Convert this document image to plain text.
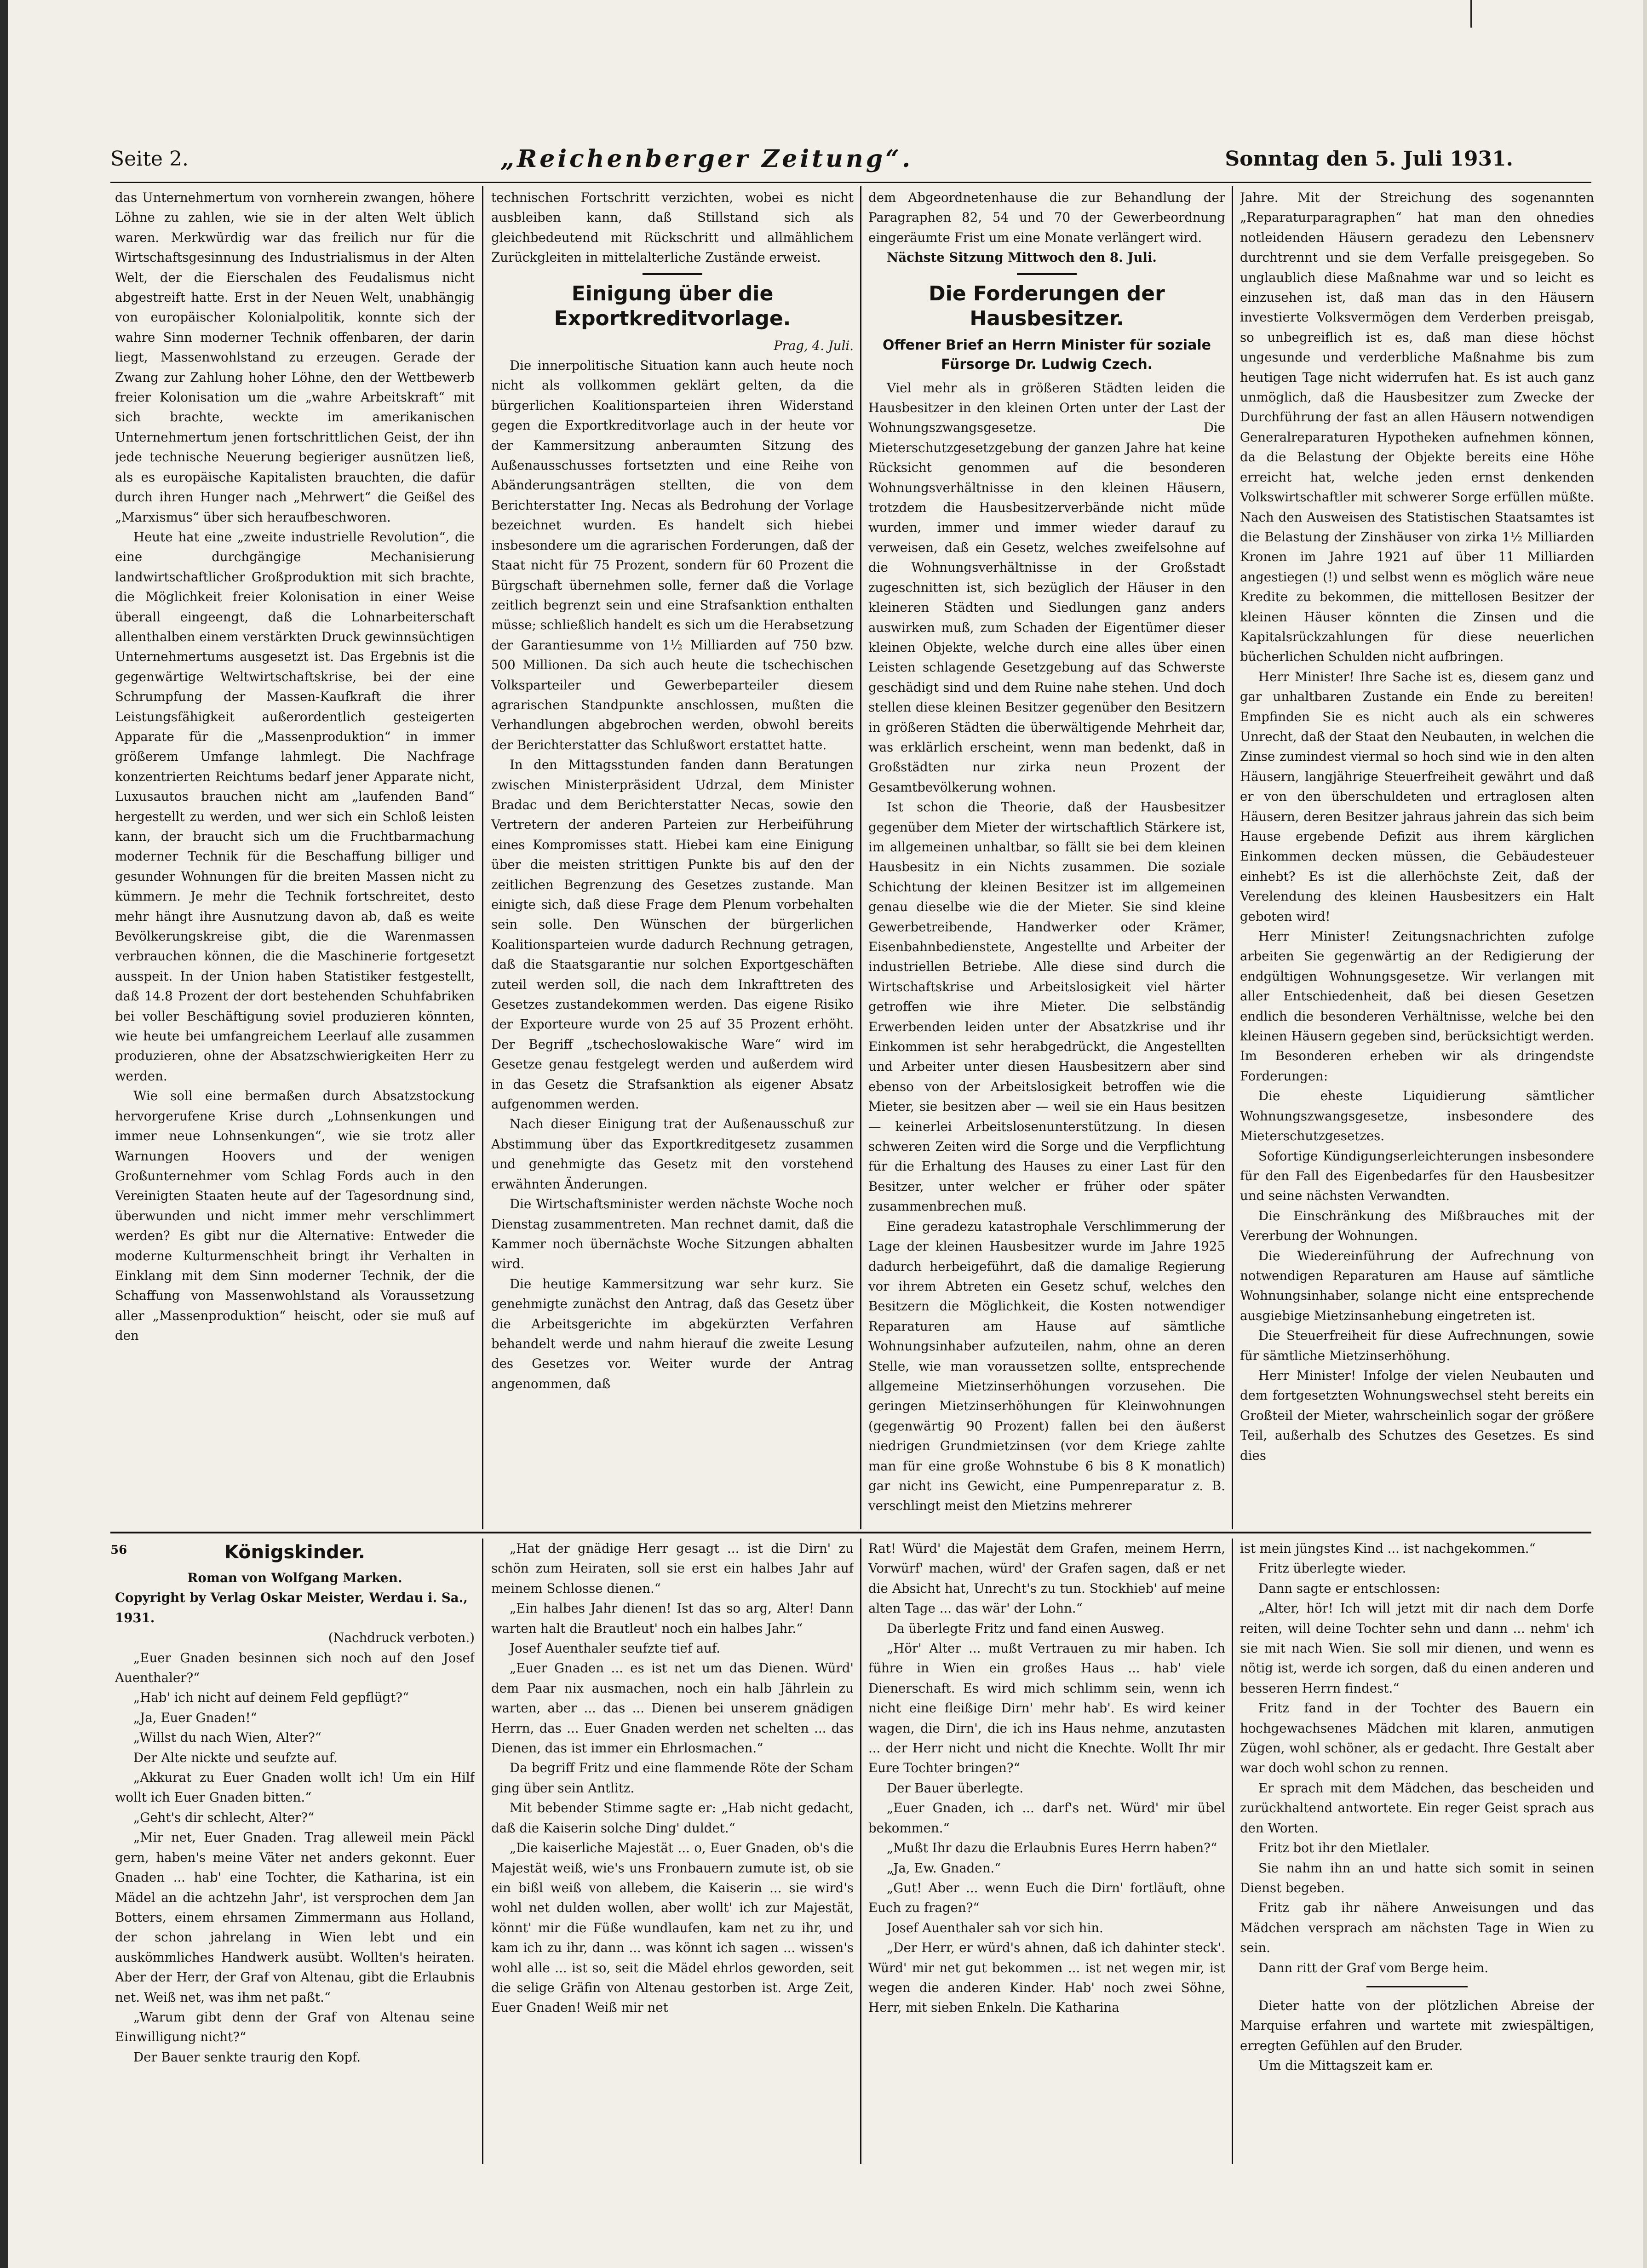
Seite 2.	„Reichenberger Zeitung“.	Sonntag den 5. Juli 1931.

das Unternehmertum von vornherein zwangen, höhere Löhne zu zahlen, wie sie in der alten Welt üblich waren. Merkwürdig war das freilich nur für die Wirtschaftsgesinnung des Industrialismus in der Alten Welt, der die Eierschalen des Feudalismus nicht abgestreift hatte. Erst in der Neuen Welt, unabhängig von europäischer Kolonialpolitik, konnte sich der wahre Sinn moderner Technik offenbaren, der darin liegt, Massenwohlstand zu erzeugen. Gerade der Zwang zur Zahlung hoher Löhne, den der Wettbewerb freier Kolonisation um die „wahre Arbeitskraft“ mit sich brachte, weckte im amerikanischen Unternehmertum jenen fortschrittlichen Geist, der ihn jede technische Neuerung begieriger ausnützen ließ, als es europäische Kapitalisten brauchten, die dafür durch ihren Hunger nach „Mehrwert“ die Geißel des „Marxismus“ über sich heraufbeschworen.

Heute hat eine „zweite industrielle Revolution“, die eine durchgängige Mechanisierung landwirtschaftlicher Großproduktion mit sich brachte, die Möglichkeit freier Kolonisation in einer Weise überall eingeengt, daß die Lohnarbeiterschaft allenthalben einem verstärkten Druck gewinnsüchtigen Unternehmertums ausgesetzt ist. Das Ergebnis ist die gegenwärtige Weltwirtschaftskrise, bei der eine Schrumpfung der Massen-Kaufkraft die ihrer Leistungsfähigkeit außerordentlich gesteigerten Apparate für die „Massenproduktion“ in immer größerem Umfange lahmlegt. Die Nachfrage konzentrierten Reichtums bedarf jener Apparate nicht, Luxusautos brauchen nicht am „laufenden Band“ hergestellt zu werden, und wer sich ein Schloß leisten kann, der braucht sich um die Fruchtbarmachung moderner Technik für die Beschaffung billiger und gesunder Wohnungen für die breiten Massen nicht zu kümmern. Je mehr die Technik fortschreitet, desto mehr hängt ihre Ausnutzung davon ab, daß es weite Bevölkerungskreise gibt, die die Warenmassen verbrauchen können, die die Maschinerie fortgesetzt ausspeit. In der Union haben Statistiker festgestellt, daß 14.8 Prozent der dort bestehenden Schuhfabriken bei voller Beschäftigung soviel produzieren könnten, wie heute bei umfangreichem Leerlauf alle zusammen produzieren, ohne der Absatzschwierigkeiten Herr zu werden.

Wie soll eine bermaßen durch Absatzstockung hervorgerufene Krise durch „Lohnsenkungen und immer neue Lohnsenkungen“, wie sie trotz aller Warnungen Hoovers und der wenigen Großunternehmer vom Schlag Fords auch in den Vereinigten Staaten heute auf der Tagesordnung sind, überwunden und nicht immer mehr verschlimmert werden? Es gibt nur die Alternative: Entweder die moderne Kulturmenschheit bringt ihr Verhalten in Einklang mit dem Sinn moderner Technik, der die Schaffung von Massenwohlstand als Voraussetzung aller „Massenproduktion“ heischt, oder sie muß auf den

technischen Fortschritt verzichten, wobei es nicht ausbleiben kann, daß Stillstand sich als gleichbedeutend mit Rückschritt und allmählichem Zurückgleiten in mittelalterliche Zustände erweist.

Einigung über die Exportkreditvorlage.

Prag, 4. Juli.

Die innerpolitische Situation kann auch heute noch nicht als vollkommen geklärt gelten, da die bürgerlichen Koalitionsparteien ihren Widerstand gegen die Exportkreditvorlage auch in der heute vor der Kammersitzung anberaumten Sitzung des Außenausschusses fortsetzten und eine Reihe von Abänderungsanträgen stellten, die von dem Berichterstatter Ing. Necas als Bedrohung der Vorlage bezeichnet wurden. Es handelt sich hiebei insbesondere um die agrarischen Forderungen, daß der Staat nicht für 75 Prozent, sondern für 60 Prozent die Bürgschaft übernehmen solle, ferner daß die Vorlage zeitlich begrenzt sein und eine Strafsanktion enthalten müsse; schließlich handelt es sich um die Herabsetzung der Garantiesumme von 1½ Milliarden auf 750 bzw. 500 Millionen. Da sich auch heute die tschechischen Volksparteiler und Gewerbeparteiler diesem agrarischen Standpunkte anschlossen, mußten die Verhandlungen abgebrochen werden, obwohl bereits der Berichterstatter das Schlußwort erstattet hatte.

In den Mittagsstunden fanden dann Beratungen zwischen Ministerpräsident Udrzal, dem Minister Bradac und dem Berichterstatter Necas, sowie den Vertretern der anderen Parteien zur Herbeiführung eines Kompromisses statt. Hiebei kam eine Einigung über die meisten strittigen Punkte bis auf den der zeitlichen Begrenzung des Gesetzes zustande. Man einigte sich, daß diese Frage dem Plenum vorbehalten sein solle. Den Wünschen der bürgerlichen Koalitionsparteien wurde dadurch Rechnung getragen, daß die Staatsgarantie nur solchen Exportgeschäften zuteil werden soll, die nach dem Inkrafttreten des Gesetzes zustandekommen werden. Das eigene Risiko der Exporteure wurde von 25 auf 35 Prozent erhöht. Der Begriff „tschechoslowakische Ware“ wird im Gesetze genau festgelegt werden und außerdem wird in das Gesetz die Strafsanktion als eigener Absatz aufgenommen werden.

Nach dieser Einigung trat der Außenausschuß zur Abstimmung über das Exportkreditgesetz zusammen und genehmigte das Gesetz mit den vorstehend erwähnten Änderungen.

Die Wirtschaftsminister werden nächste Woche noch Dienstag zusammentreten. Man rechnet damit, daß die Kammer noch übernächste Woche Sitzungen abhalten wird.

Die heutige Kammersitzung war sehr kurz. Sie genehmigte zunächst den Antrag, daß das Gesetz über die Arbeitsgerichte im abgekürzten Verfahren behandelt werde und nahm hierauf die zweite Lesung des Gesetzes vor. Weiter wurde der Antrag angenommen, daß

dem Abgeordnetenhause die zur Behandlung der Paragraphen 82, 54 und 70 der Gewerbeordnung eingeräumte Frist um eine Monate verlängert wird.

Nächste Sitzung Mittwoch den 8. Juli.

Die Forderungen der Hausbesitzer.
Offener Brief an Herrn Minister für soziale Fürsorge Dr. Ludwig Czech.

Viel mehr als in größeren Städten leiden die Hausbesitzer in den kleinen Orten unter der Last der Wohnungszwangsgesetze. Die Mieterschutzgesetzgebung der ganzen Jahre hat keine Rücksicht genommen auf die besonderen Wohnungsverhältnisse in den kleinen Häusern, trotzdem die Hausbesitzerverbände nicht müde wurden, immer und immer wieder darauf zu verweisen, daß ein Gesetz, welches zweifelsohne auf die Wohnungsverhältnisse in der Großstadt zugeschnitten ist, sich bezüglich der Häuser in den kleineren Städten und Siedlungen ganz anders auswirken muß, zum Schaden der Eigentümer dieser kleinen Objekte, welche durch eine alles über einen Leisten schlagende Gesetzgebung auf das Schwerste geschädigt sind und dem Ruine nahe stehen. Und doch stellen diese kleinen Besitzer gegenüber den Besitzern in größeren Städten die überwältigende Mehrheit dar, was erklärlich erscheint, wenn man bedenkt, daß in Großstädten nur zirka neun Prozent der Gesamtbevölkerung wohnen.

Ist schon die Theorie, daß der Hausbesitzer gegenüber dem Mieter der wirtschaftlich Stärkere ist, im allgemeinen unhaltbar, so fällt sie bei dem kleinen Hausbesitz in ein Nichts zusammen. Die soziale Schichtung der kleinen Besitzer ist im allgemeinen genau dieselbe wie die der Mieter. Sie sind kleine Gewerbetreibende, Handwerker oder Krämer, Eisenbahnbedienstete, Angestellte und Arbeiter der industriellen Betriebe. Alle diese sind durch die Wirtschaftskrise und Arbeitslosigkeit viel härter getroffen wie ihre Mieter. Die selbständig Erwerbenden leiden unter der Absatzkrise und ihr Einkommen ist sehr herabgedrückt, die Angestellten und Arbeiter unter diesen Hausbesitzern aber sind ebenso von der Arbeitslosigkeit betroffen wie die Mieter, sie besitzen aber — weil sie ein Haus besitzen — keinerlei Arbeitslosenunterstützung. In diesen schweren Zeiten wird die Sorge und die Verpflichtung für die Erhaltung des Hauses zu einer Last für den Besitzer, unter welcher er früher oder später zusammenbrechen muß.

Eine geradezu katastrophale Verschlimmerung der Lage der kleinen Hausbesitzer wurde im Jahre 1925 dadurch herbeigeführt, daß die damalige Regierung vor ihrem Abtreten ein Gesetz schuf, welches den Besitzern die Möglichkeit, die Kosten notwendiger Reparaturen am Hause auf sämtliche Wohnungsinhaber aufzuteilen, nahm, ohne an deren Stelle, wie man voraussetzen sollte, entsprechende allgemeine Mietzinserhöhungen vorzusehen. Die geringen Mietzinserhöhungen für Kleinwohnungen (gegenwärtig 90 Prozent) fallen bei den äußerst niedrigen Grundmietzinsen (vor dem Kriege zahlte man für eine große Wohnstube 6 bis 8 K monatlich) gar nicht ins Gewicht, eine Pumpenreparatur z. B. verschlingt meist den Mietzins mehrerer

Jahre. Mit der Streichung des sogenannten „Reparaturparagraphen“ hat man den ohnedies notleidenden Häusern geradezu den Lebensnerv durchtrennt und sie dem Verfalle preisgegeben. So unglaublich diese Maßnahme war und so leicht es einzusehen ist, daß man das in den Häusern investierte Volksvermögen dem Verderben preisgab, so unbegreiflich ist es, daß man diese höchst ungesunde und verderbliche Maßnahme bis zum heutigen Tage nicht widerrufen hat. Es ist auch ganz unmöglich, daß die Hausbesitzer zum Zwecke der Durchführung der fast an allen Häusern notwendigen Generalreparaturen Hypotheken aufnehmen können, da die Belastung der Objekte bereits eine Höhe erreicht hat, welche jeden ernst denkenden Volkswirtschaftler mit schwerer Sorge erfüllen müßte. Nach den Ausweisen des Statistischen Staatsamtes ist die Belastung der Zinshäuser von zirka 1½ Milliarden Kronen im Jahre 1921 auf über 11 Milliarden angestiegen (!) und selbst wenn es möglich wäre neue Kredite zu bekommen, die mittellosen Besitzer der kleinen Häuser könnten die Zinsen und die Kapitalsrückzahlungen für diese neuerlichen bücherlichen Schulden nicht aufbringen.

Herr Minister! Ihre Sache ist es, diesem ganz und gar unhaltbaren Zustande ein Ende zu bereiten! Empfinden Sie es nicht auch als ein schweres Unrecht, daß der Staat den Neubauten, in welchen die Zinse zumindest viermal so hoch sind wie in den alten Häusern, langjährige Steuerfreiheit gewährt und daß er von den überschuldeten und ertraglosen alten Häusern, deren Besitzer jahraus jahrein das sich beim Hause ergebende Defizit aus ihrem kärglichen Einkommen decken müssen, die Gebäudesteuer einhebt? Es ist die allerhöchste Zeit, daß der Verelendung des kleinen Hausbesitzers ein Halt geboten wird!

Herr Minister! Zeitungsnachrichten zufolge arbeiten Sie gegenwärtig an der Redigierung der endgültigen Wohnungsgesetze. Wir verlangen mit aller Entschiedenheit, daß bei diesen Gesetzen endlich die besonderen Verhältnisse, welche bei den kleinen Häusern gegeben sind, berücksichtigt werden. Im Besonderen erheben wir als dringendste Forderungen:

Die eheste Liquidierung sämtlicher Wohnungszwangsgesetze, insbesondere des Mieterschutzgesetzes.

Sofortige Kündigungserleichterungen insbesondere für den Fall des Eigenbedarfes für den Hausbesitzer und seine nächsten Verwandten.

Die Einschränkung des Mißbrauches mit der Vererbung der Wohnungen.

Die Wiedereinführung der Aufrechnung von notwendigen Reparaturen am Hause auf sämtliche Wohnungsinhaber, solange nicht eine entsprechende ausgiebige Mietzinsanhebung eingetreten ist.

Die Steuerfreiheit für diese Aufrechnungen, sowie für sämtliche Mietzinserhöhung.

Herr Minister! Infolge der vielen Neubauten und dem fortgesetzten Wohnungswechsel steht bereits ein Großteil der Mieter, wahrscheinlich sogar der größere Teil, außerhalb des Schutzes des Gesetzes. Es sind dies

56	Königskinder.

Roman von Wolfgang Marken.

Copyright by Verlag Oskar Meister, Werdau i. Sa., 1931.

(Nachdruck verboten.)

„Euer Gnaden besinnen sich noch auf den Josef Auenthaler?“

„Hab' ich nicht auf deinem Feld gepflügt?“

„Ja, Euer Gnaden!“

„Willst du nach Wien, Alter?“

Der Alte nickte und seufzte auf.

„Akkurat zu Euer Gnaden wollt ich! Um ein Hilf wollt ich Euer Gnaden bitten.“

„Geht's dir schlecht, Alter?“

„Mir net, Euer Gnaden. Trag alleweil mein Päckl gern, haben's meine Väter net anders gekonnt. Euer Gnaden ... hab' eine Tochter, die Katharina, ist ein Mädel an die achtzehn Jahr', ist versprochen dem Jan Botters, einem ehrsamen Zimmermann aus Holland, der schon jahrelang in Wien lebt und ein auskömmliches Handwerk ausübt. Wollten's heiraten. Aber der Herr, der Graf von Altenau, gibt die Erlaubnis net. Weiß net, was ihm net paßt.“

„Warum gibt denn der Graf von Altenau seine Einwilligung nicht?“

Der Bauer senkte traurig den Kopf.

„Hat der gnädige Herr gesagt ... ist die Dirn' zu schön zum Heiraten, soll sie erst ein halbes Jahr auf meinem Schlosse dienen.“

„Ein halbes Jahr dienen! Ist das so arg, Alter! Dann warten halt die Brautleut' noch ein halbes Jahr.“

Josef Auenthaler seufzte tief auf.

„Euer Gnaden ... es ist net um das Dienen. Würd' dem Paar nix ausmachen, noch ein halb Jährlein zu warten, aber ... das ... Dienen bei unserem gnädigen Herrn, das ... Euer Gnaden werden net schelten ... das Dienen, das ist immer ein Ehrlosmachen.“

Da begriff Fritz und eine flammende Röte der Scham ging über sein Antlitz.

Mit bebender Stimme sagte er: „Hab nicht gedacht, daß die Kaiserin solche Ding' duldet.“

„Die kaiserliche Majestät ... o, Euer Gnaden, ob's die Majestät weiß, wie's uns Fronbauern zumute ist, ob sie ein bißl weiß von allebem, die Kaiserin ... sie wird's wohl net dulden wollen, aber wollt' ich zur Majestät, könnt' mir die Füße wundlaufen, kam net zu ihr, und kam ich zu ihr, dann ... was könnt ich sagen ... wissen's wohl alle ... ist so, seit die Mädel ehrlos geworden, seit die selige Gräfin von Altenau gestorben ist. Arge Zeit, Euer Gnaden! Weiß mir net

Rat! Würd' die Majestät dem Grafen, meinem Herrn, Vorwürf' machen, würd' der Grafen sagen, daß er net die Absicht hat, Unrecht's zu tun. Stockhieb' auf meine alten Tage ... das wär' der Lohn.“

Da überlegte Fritz und fand einen Ausweg.

„Hör' Alter ... mußt Vertrauen zu mir haben. Ich führe in Wien ein großes Haus ... hab' viele Dienerschaft. Es wird mich schlimm sein, wenn ich nicht eine fleißige Dirn' mehr hab'. Es wird keiner wagen, die Dirn', die ich ins Haus nehme, anzutasten ... der Herr nicht und nicht die Knechte. Wollt Ihr mir Eure Tochter bringen?“

Der Bauer überlegte.

„Euer Gnaden, ich ... darf's net. Würd' mir übel bekommen.“

„Mußt Ihr dazu die Erlaubnis Eures Herrn haben?“

„Ja, Ew. Gnaden.“

„Gut! Aber ... wenn Euch die Dirn' fortläuft, ohne Euch zu fragen?“

Josef Auenthaler sah vor sich hin.

„Der Herr, er würd's ahnen, daß ich dahinter steck'. Würd' mir net gut bekommen ... ist net wegen mir, ist wegen die anderen Kinder. Hab' noch zwei Söhne, Herr, mit sieben Enkeln. Die Katharina

ist mein jüngstes Kind ... ist nachgekommen.“

Fritz überlegte wieder.

Dann sagte er entschlossen:

„Alter, hör! Ich will jetzt mit dir nach dem Dorfe reiten, will deine Tochter sehn und dann ... nehm' ich sie mit nach Wien. Sie soll mir dienen, und wenn es nötig ist, werde ich sorgen, daß du einen anderen und besseren Herrn findest.“

Fritz fand in der Tochter des Bauern ein hochgewachsenes Mädchen mit klaren, anmutigen Zügen, wohl schöner, als er gedacht. Ihre Gestalt aber war doch wohl schon zu rennen.

Er sprach mit dem Mädchen, das bescheiden und zurückhaltend antwortete. Ein reger Geist sprach aus den Worten.

Fritz bot ihr den Mietlaler.

Sie nahm ihn an und hatte sich somit in seinen Dienst begeben.

Fritz gab ihr nähere Anweisungen und das Mädchen versprach am nächsten Tage in Wien zu sein.

Dann ritt der Graf vom Berge heim.

Dieter hatte von der plötzlichen Abreise der Marquise erfahren und wartete mit zwiespältigen, erregten Gefühlen auf den Bruder.

Um die Mittagszeit kam er.
